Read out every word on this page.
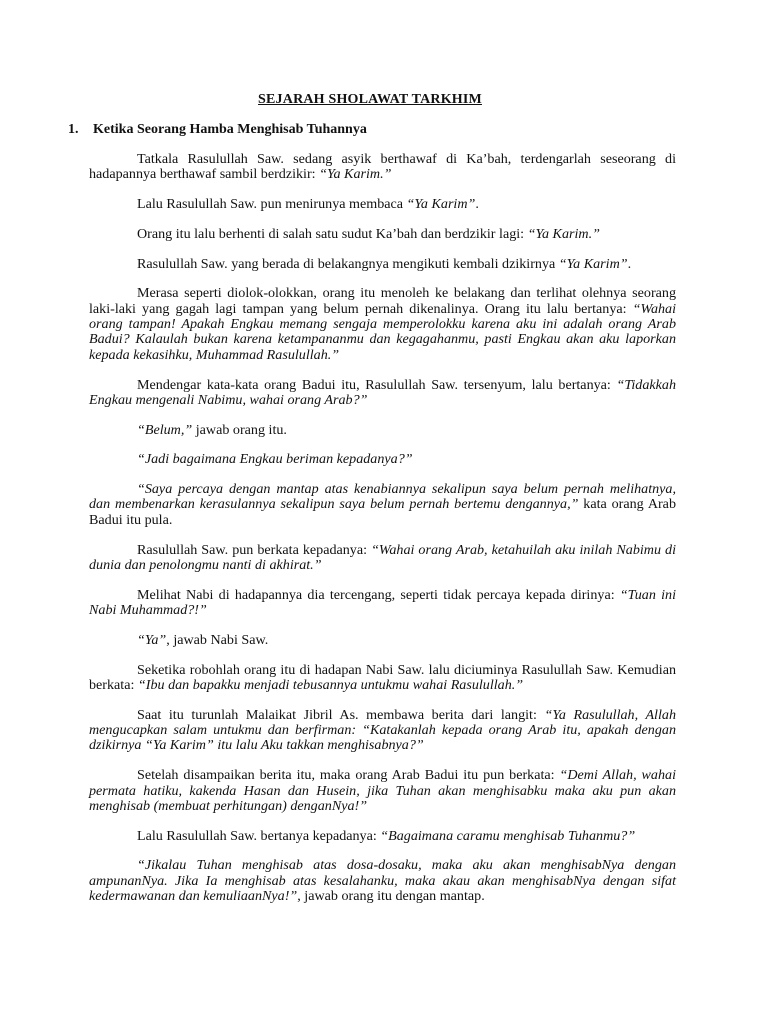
SEJARAH SHOLAWAT TARKHIM
1. Ketika Seorang Hamba Menghisab Tuhannya

Tatkala Rasulullah Saw. sedang asyik berthawaf di Ka’bah, terdengarlah seseorang di hadapannya berthawaf sambil berdzikir: “Ya Karim.”

Lalu Rasulullah Saw. pun menirunya membaca “Ya Karim”.

Orang itu lalu berhenti di salah satu sudut Ka’bah dan berdzikir lagi: “Ya Karim.”

Rasulullah Saw. yang berada di belakangnya mengikuti kembali dzikirnya “Ya Karim”.

Merasa seperti diolok-olokkan, orang itu menoleh ke belakang dan terlihat olehnya seorang laki-laki yang gagah lagi tampan yang belum pernah dikenalinya. Orang itu lalu bertanya: “Wahai orang tampan! Apakah Engkau memang sengaja memperolokku karena aku ini adalah orang Arab Badui? Kalaulah bukan karena ketampananmu dan kegagahanmu, pasti Engkau akan aku laporkan kepada kekasihku, Muhammad Rasulullah.”

Mendengar kata-kata orang Badui itu, Rasulullah Saw. tersenyum, lalu bertanya: “Tidakkah Engkau mengenali Nabimu, wahai orang Arab?”

“Belum,” jawab orang itu.

“Jadi bagaimana Engkau beriman kepadanya?”

“Saya percaya dengan mantap atas kenabiannya sekalipun saya belum pernah melihatnya, dan membenarkan kerasulannya sekalipun saya belum pernah bertemu dengannya,” kata orang Arab Badui itu pula.

Rasulullah Saw. pun berkata kepadanya: “Wahai orang Arab, ketahuilah aku inilah Nabimu di dunia dan penolongmu nanti di akhirat.”

Melihat Nabi di hadapannya dia tercengang, seperti tidak percaya kepada dirinya: “Tuan ini Nabi Muhammad?!”

“Ya”, jawab Nabi Saw.

Seketika robohlah orang itu di hadapan Nabi Saw. lalu diciuminya Rasulullah Saw. Kemudian berkata: “Ibu dan bapakku menjadi tebusannya untukmu wahai Rasulullah.”

Saat itu turunlah Malaikat Jibril As. membawa berita dari langit: “Ya Rasulullah, Allah mengucapkan salam untukmu dan berfirman: “Katakanlah kepada orang Arab itu, apakah dengan dzikirnya “Ya Karim” itu lalu Aku takkan menghisabnya?”

Setelah disampaikan berita itu, maka orang Arab Badui itu pun berkata: “Demi Allah, wahai permata hatiku, kakenda Hasan dan Husein, jika Tuhan akan menghisabku maka aku pun akan menghisab (membuat perhitungan) denganNya!”

Lalu Rasulullah Saw. bertanya kepadanya: “Bagaimana caramu menghisab Tuhanmu?”

“Jikalau Tuhan menghisab atas dosa-dosaku, maka aku akan menghisabNya dengan ampunanNya. Jika Ia menghisab atas kesalahanku, maka akau akan menghisabNya dengan sifat kedermawanan dan kemuliaanNya!”, jawab orang itu dengan mantap.
